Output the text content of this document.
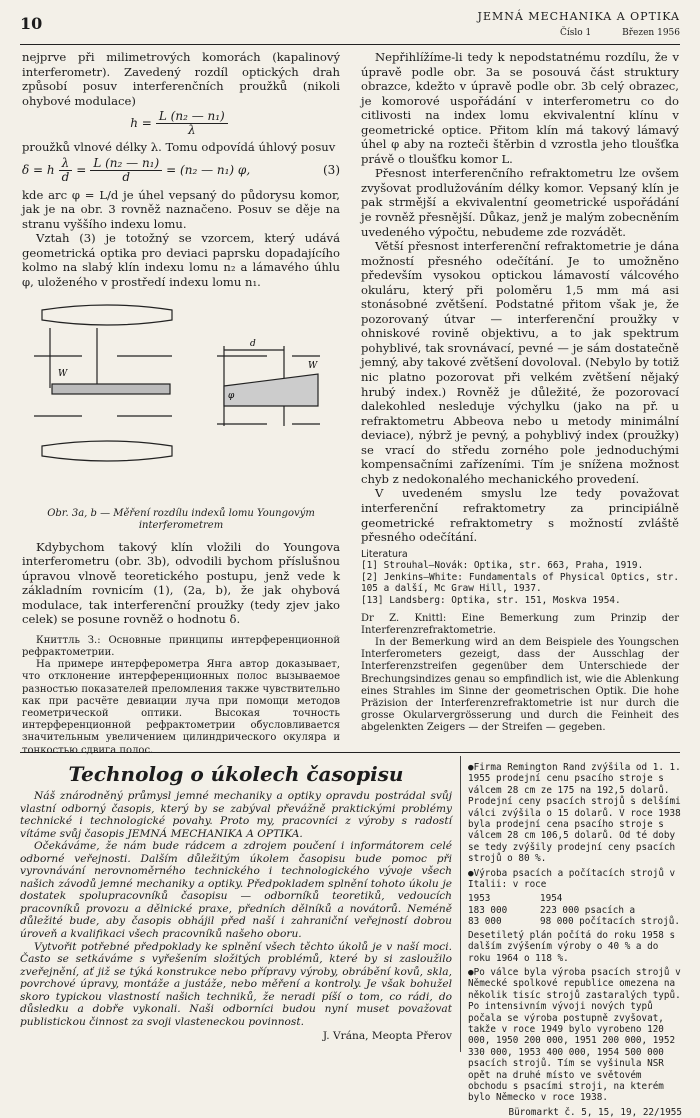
10	JEMNÁ MECHANIKA A OPTIKA
Číslo 1	Březen 1956

nejprve při milimetrových komorách (kapalinový interferometr). Zavedený rozdíl optických drah způsobí posuv interferenčních proužků (nikoli ohybové modulace)

$h = \frac{\text{L (n₂ — n₁)}}{\lambda}$

proužků vlnové délky λ. Tomu odpovídá úhlový posuv

δ = h $\frac{\lambda}{d} = \frac{\text{L (n₂ — n₁)}}{d} = (n_2$ — n₁) φ,	(3)

kde arc φ = L/d je úhel vepsaný do půdorysu komor, jak je na obr. 3 rovněž naznačeno. Posuv se děje na stranu vyššího indexu lomu.

Vztah (3) je totožný se vzorcem, který udává geometrická optika pro deviaci paprsku dopadajícího kolmo na slabý klín indexu lomu n₂ a lámavého úhlu φ, uloženého v prostředí indexu lomu n₁.

W
d
W
φ
Obr. 3a, b — Měření rozdílu indexů lomu Youngovým interferometrem

Kdybychom takový klín vložili do Youngova interferometru (obr. 3b), odvodili bychom příslušnou úpravou vlnově teoretického postupu, jenž vede k základním rovnicím (1), (2a, b), že jak ohybová modulace, tak interferenční proužky (tedy zjev jako celek) se posune rovněž o hodnotu δ.

Книттль З.: Основные принципы интерференционной рефрактометрии.

На примере интерферометра Янга автор доказывает, что отклонение интерференционных полос вызываемое разностью показателей преломления также чувствительно как при расчёте девиации луча при помощи методов геометрической оптики. Высокая точность интерференционной рефрактометрии обусловливается значительным увеличением цилиндрического окуляра и тонкостью сдвига полос.

Nepřihlížíme-li tedy k nepodstatnému rozdílu, že v úpravě podle obr. 3a se posouvá část struktury obrazce, kdežto v úpravě podle obr. 3b celý obrazec, je komorové uspořádání v interferometru co do citlivosti na index lomu ekvivalentní klínu v geometrické optice. Přitom klín má takový lámavý úhel φ aby na rozteči štěrbin d vzrostla jeho tloušťka právě o tloušťku komor L.

Přesnost interferenčního refraktometru lze ovšem zvyšovat prodlužováním délky komor. Vepsaný klín je pak strmější a ekvivalentní geometrické uspořádání je rovněž přesnější. Důkaz, jenž je malým zobecněním uvedeného výpočtu, nebudeme zde rozvádět.

Větší přesnost interferenční refraktometrie je dána možností přesného odečítání. Je to umožněno především vysokou optickou lámavostí válcového okuláru, který při poloměru 1,5 mm má asi stonásobné zvětšení. Podstatné přitom však je, že pozorovaný útvar — interferenční proužky v ohniskové rovině objektivu, a to jak spektrum pohyblivé, tak srovnávací, pevné — je sám dostatečně jemný, aby takové zvětšení dovoloval. (Nebylo by totiž nic platno pozorovat při velkém zvětšení nějaký hrubý index.) Rovněž je důležité, že pozorovací dalekohled nesleduje výchylku (jako na př. u refraktometru Abbeova nebo u metody minimální deviace), nýbrž je pevný, a pohyblivý index (proužky) se vrací do středu zorného pole jednoduchými kompensačními zařízeními. Tím je snížena možnost chyb z nedokonalého mechanického provedení.

V uvedeném smyslu lze tedy považovat interferenční refraktometry za principiálně geometrické refraktometry s možností zvláště přesného odečítání.

Literatura
[1] Strouhal—Novák: Optika, str. 663, Praha, 1919.
[2] Jenkins—White: Fundamentals of Physical Optics, str. 105 a další, Mc Graw Hill, 1937.
[13] Landsberg: Optika, str. 151, Moskva 1954.

Dr Z. Knittl: Eine Bemerkung zum Prinzip der Interferenzrefraktometrie.

In der Bemerkung wird an dem Beispiele des Youngschen Interferometers gezeigt, dass der Ausschlag der Interferenzstreifen gegenüber dem Unterschiede der Brechungsindizes genau so empfindlich ist, wie die Ablenkung eines Strahles im Sinne der geometrischen Optik. Die hohe Präzision der Interferenzrefraktometrie ist nur durch die grosse Okularvergrösserung und durch die Feinheit des abgelenkten Zeigers — der Streifen — gegeben.

Technolog o úkolech časopisu

Náš znárodněný průmysl jemné mechaniky a optiky opravdu postrádal svůj vlastní odborný časopis, který by se zabýval převážně praktickými problémy technické i technologické povahy. Proto my, pracovníci z výroby s radostí vítáme svůj časopis JEMNÁ MECHANIKA A OPTIKA.

Očekáváme, že nám bude rádcem a zdrojem poučení i informátorem celé odborné veřejnosti. Dalším důležitým úkolem časopisu bude pomoc při vyrovnávání nerovnoměrného technického i technologického vývoje všech našich závodů jemné mechaniky a optiky. Předpokladem splnění tohoto úkolu je dostatek spolupracovníků časopisu — odborníků teoretiků, vedoucích pracovníků provozu a dělnické praxe, předních dělníků a novátorů. Neméně důležité bude, aby časopis obhájil před naší i zahraniční veřejností dobrou úroveň a kvalifikaci všech pracovníků našeho oboru.

Vytvořit potřebné předpoklady ke splnění všech těchto úkolů je v naší moci. Často se setkáváme s vyřešením složitých problémů, které by si zasloužilo zveřejnění, ať již se týká konstrukce nebo přípravy výroby, obrábění kovů, skla, povrchové úpravy, montáže a justáže, nebo měření a kontroly. Je však bohužel skoro typickou vlastností našich techniků, že neradi píší o tom, co rádi, do důsledku a dobře vykonali. Naši odborníci budou nyní muset považovat publistickou činnost za svoji vlasteneckou povinnost.

J. Vrána, Meopta Přerov

● Firma Remington Rand zvýšila od 1. 1. 1955 prodejní cenu psacího stroje s válcem 28 cm ze 175 na 192,5 dolarů. Prodejní ceny psacích strojů s delšími válci zvýšila o 15 dolarů. V roce 1938 byla prodejní cena psacího stroje s válcem 28 cm 106,5 dolarů. Od té doby se tedy zvýšily prodejní ceny psacích strojů o 80 %.

● Výroba psacích a počítacích strojů v Italii: v roce

1953	1954
183 000	223 000 psacích a
83 000	98 000 počítacích strojů.

Desetiletý plán počítá do roku 1958 s dalším zvýšením výroby o 40 % a do roku 1964 o 118 %.

● Po válce byla výroba psacích strojů v Německé spolkové republice omezena na několik tisíc strojů zastaralých typů. Po intensivním vývoji nových typů počala se výroba postupně zvyšovat, takže v roce 1949 bylo vyrobeno 120 000, 1950 200 000, 1951 200 000, 1952 330 000, 1953 400 000, 1954 500 000 psacích strojů. Tím se vyšinula NSR opět na druhé místo ve světovém obchodu s psacími stroji, na kterém bylo Německo v roce 1938.

Büromarkt č. 5, 15, 19, 22/1955
